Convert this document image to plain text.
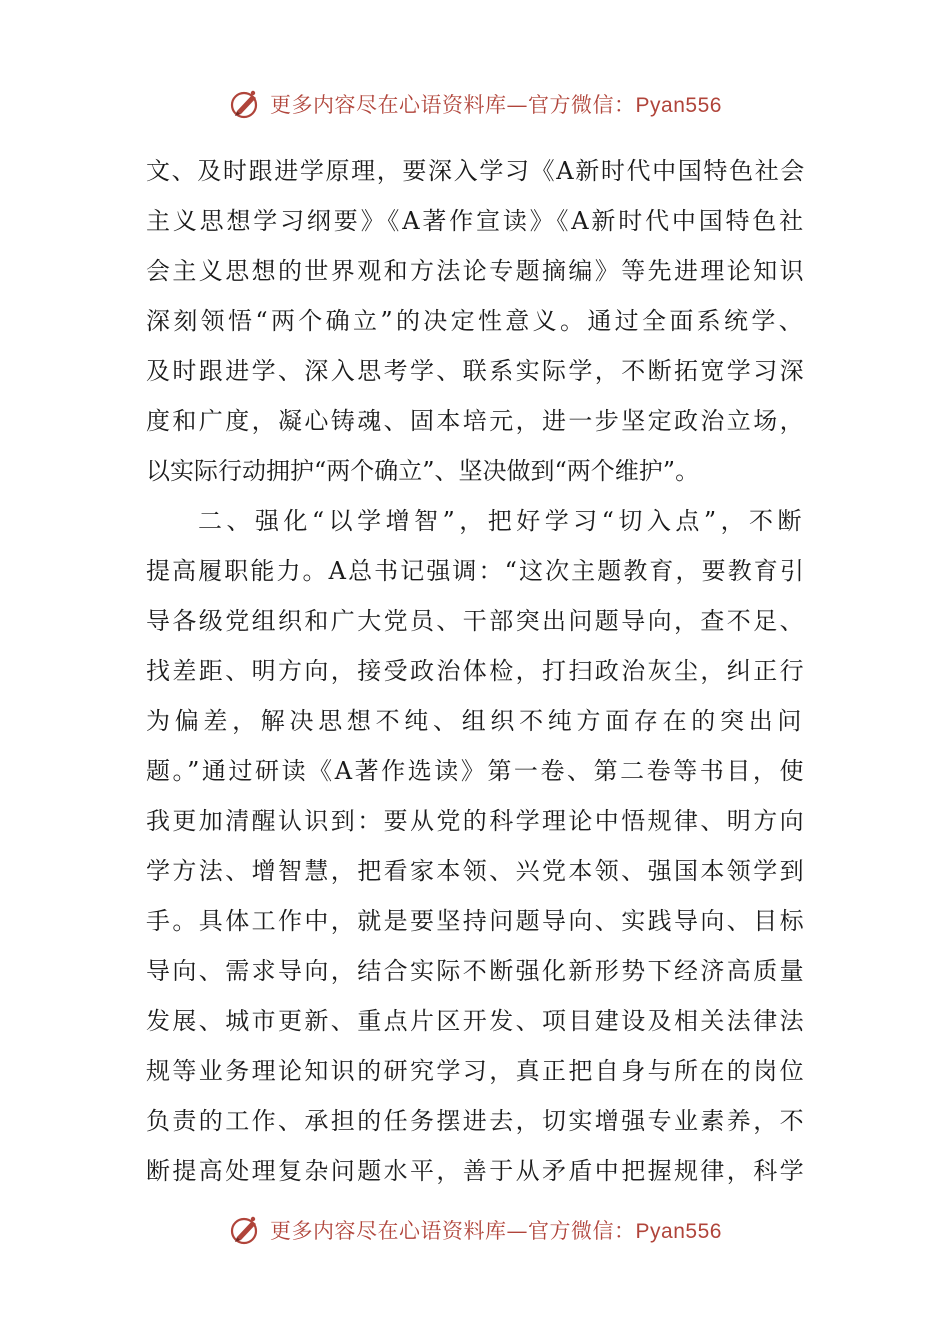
更多内容尽在心语资料库—官方微信：Pyan556
文、及时跟进学原理，要深入学习《A新时代中国特色社会
主义思想学习纲要》《A著作宣读》《A新时代中国特色社
会主义思想的世界观和方法论专题摘编》等先进理论知识
深刻领悟“两个确立”的决定性意义。通过全面系统学、
及时跟进学、深入思考学、联系实际学，不断拓宽学习深
度和广度，凝心铸魂、固本培元，进一步坚定政治立场，
以实际行动拥护“两个确立”、坚决做到“两个维护”。
二、强化“以学增智”，把好学习“切入点”，不断
提高履职能力。A总书记强调：“这次主题教育，要教育引
导各级党组织和广大党员、干部突出问题导向，查不足、
找差距、明方向，接受政治体检，打扫政治灰尘，纠正行
为偏差，解决思想不纯、组织不纯方面存在的突出问
题。”通过研读《A著作选读》第一卷、第二卷等书目，使
我更加清醒认识到：要从党的科学理论中悟规律、明方向
学方法、增智慧，把看家本领、兴党本领、强国本领学到
手。具体工作中，就是要坚持问题导向、实践导向、目标
导向、需求导向，结合实际不断强化新形势下经济高质量
发展、城市更新、重点片区开发、项目建设及相关法律法
规等业务理论知识的研究学习，真正把自身与所在的岗位
负责的工作、承担的任务摆进去，切实增强专业素养，不
断提高处理复杂问题水平，善于从矛盾中把握规律，科学
更多内容尽在心语资料库—官方微信：Pyan556
